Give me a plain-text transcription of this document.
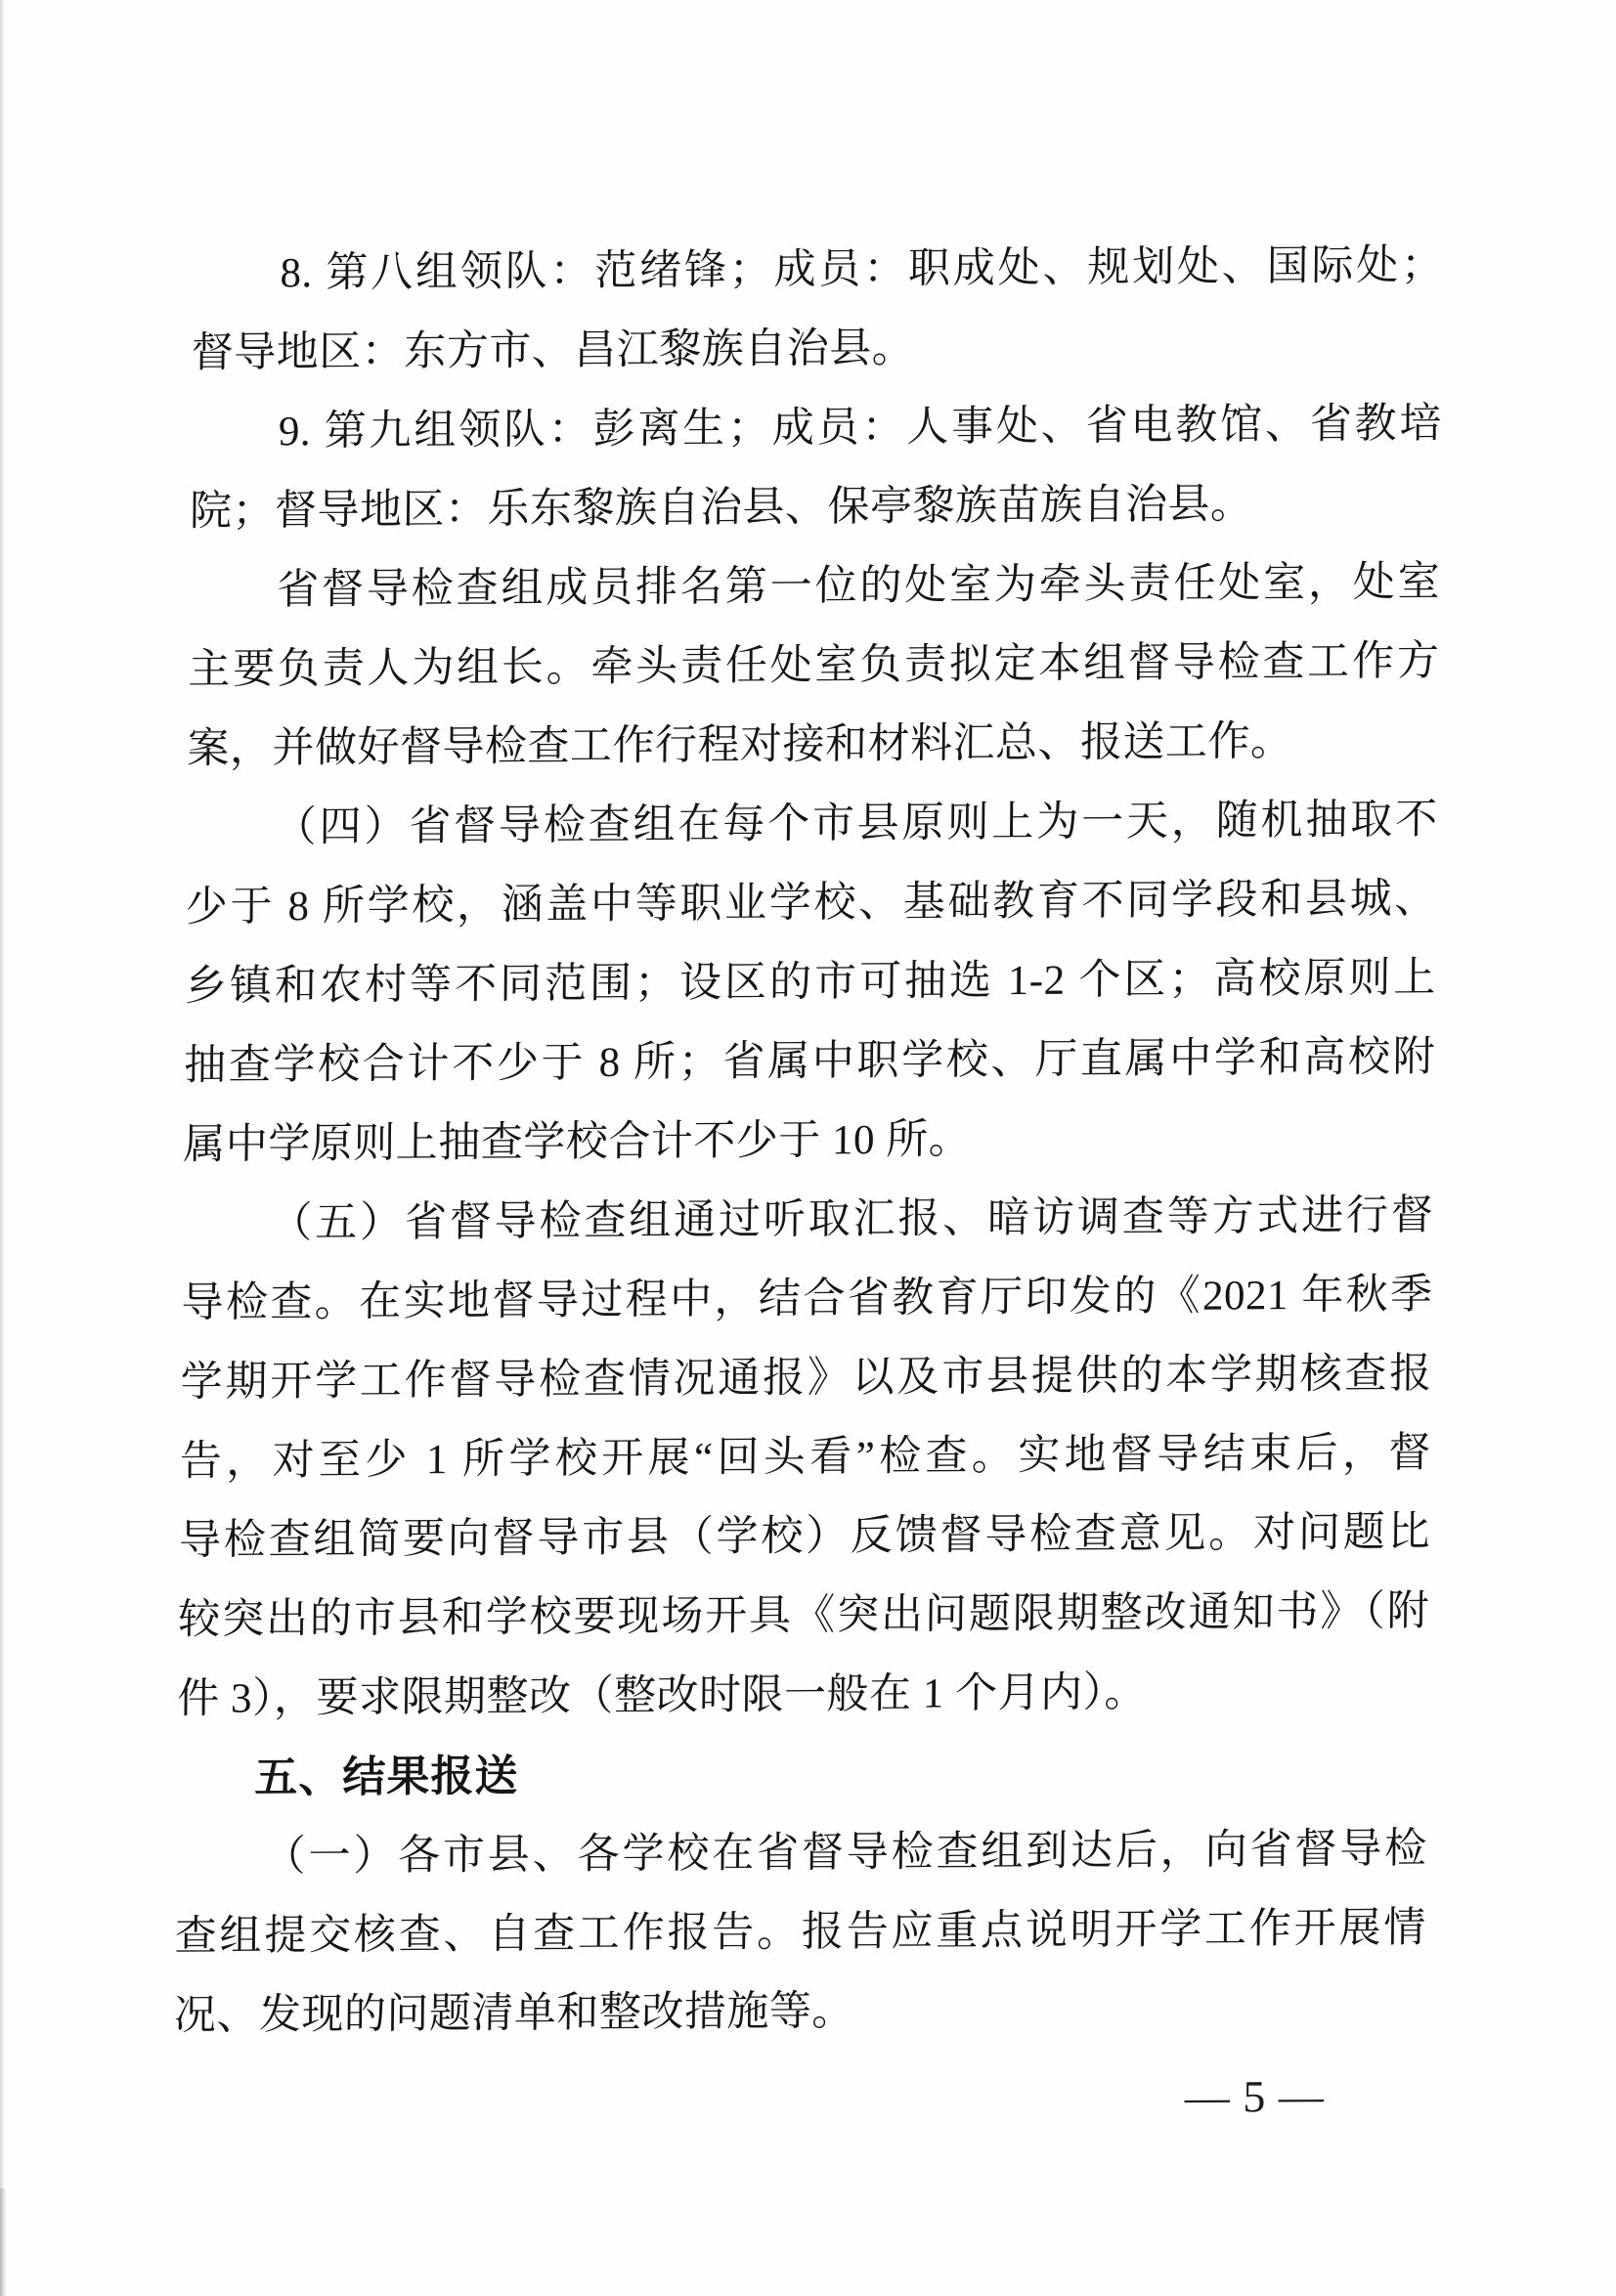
8. 第八组领队：范绪锋；成员：职成处、规划处、国际处；
督导地区：东方市、昌江黎族自治县。
9. 第九组领队：彭离生；成员：人事处、省电教馆、省教培
院；督导地区：乐东黎族自治县、保亭黎族苗族自治县。
省督导检查组成员排名第一位的处室为牵头责任处室，处室
主要负责人为组长。牵头责任处室负责拟定本组督导检查工作方
案，并做好督导检查工作行程对接和材料汇总、报送工作。
（四）省督导检查组在每个市县原则上为一天，随机抽取不
少于 8 所学校，涵盖中等职业学校、基础教育不同学段和县城、
乡镇和农村等不同范围；设区的市可抽选 1-2 个区；高校原则上
抽查学校合计不少于 8 所；省属中职学校、厅直属中学和高校附
属中学原则上抽查学校合计不少于 10 所。
（五）省督导检查组通过听取汇报、暗访调查等方式进行督
导检查。在实地督导过程中，结合省教育厅印发的《2021 年秋季
学期开学工作督导检查情况通报》以及市县提供的本学期核查报
告，对至少 1 所学校开展“回头看”检查。实地督导结束后，督
导检查组简要向督导市县（学校）反馈督导检查意见。对问题比
较突出的市县和学校要现场开具《突出问题限期整改通知书》（附
件 3），要求限期整改（整改时限一般在 1 个月内）。
五、结果报送
（一）各市县、各学校在省督导检查组到达后，向省督导检
查组提交核查、自查工作报告。报告应重点说明开学工作开展情
况、发现的问题清单和整改措施等。
— 5 —
